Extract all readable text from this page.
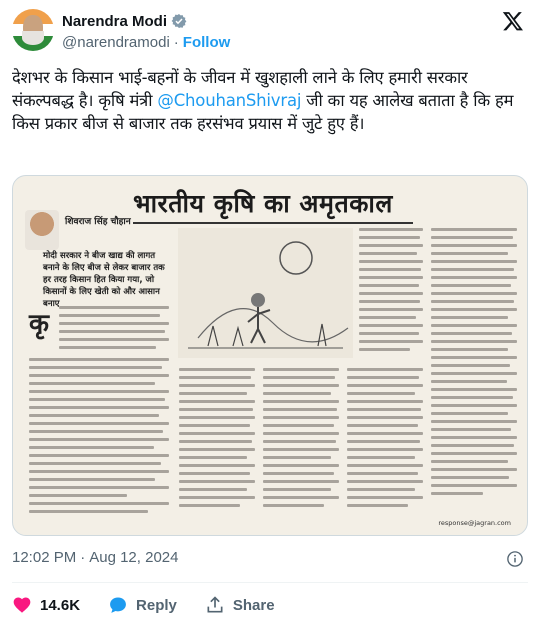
Narendra Modi
@narendramodi · Follow
देशभर के किसान भाई-बहनों के जीवन में खुशहाली लाने के लिए हमारी सरकार संकल्पबद्ध है। कृषि मंत्री @ChouhanShivraj जी का यह आलेख बताता है कि हम किस प्रकार बीज से बाजार तक हरसंभव प्रयास में जुटे हुए हैं।
भारतीय कृषि का अमृतकाल
शिवराज सिंह चौहान
मोदी सरकार ने बीज खाद्य की लागत बनाने के लिए बीज से लेकर बाजार तक हर तरह किसान हित किया गया, जो किसानों के लिए खेती को और आसान बनाए
कृ
response@jagran.com
12:02 PM · Aug 12, 2024
14.6K	Reply	Share
